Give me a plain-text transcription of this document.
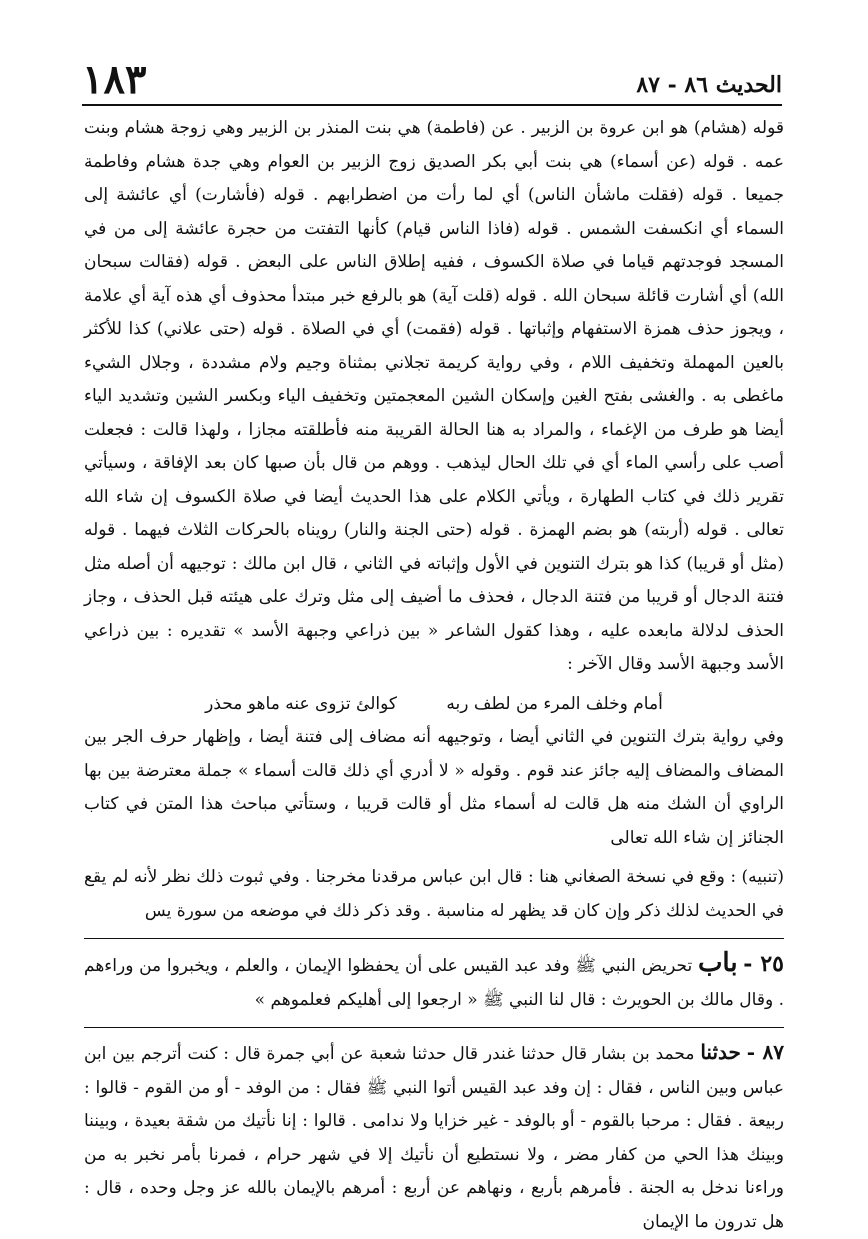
الحديث ٨٦ - ٨٧
١٨٣

قوله (هشام) هو ابن عروة بن الزبير . عن (فاطمة) هي بنت المنذر بن الزبير وهي زوجة هشام وبنت عمه . قوله (عن أسماء) هي بنت أبي بكر الصديق زوج الزبير بن العوام وهي جدة هشام وفاطمة جميعا . قوله (فقلت ماشأن الناس) أي لما رأت من اضطرابهم . قوله (فأشارت) أي عائشة إلى السماء أي انكسفت الشمس . قوله (فاذا الناس قيام) كأنها التفتت من حجرة عائشة إلى من في المسجد فوجدتهم قياما في صلاة الكسوف ، ففيه إطلاق الناس على البعض . قوله (فقالت سبحان الله) أي أشارت قائلة سبحان الله . قوله (قلت آية) هو بالرفع خبر مبتدأ محذوف أي هذه آية أي علامة ، ويجوز حذف همزة الاستفهام وإثباتها . قوله (فقمت) أي في الصلاة . قوله (حتى علاني) كذا للأكثر بالعين المهملة وتخفيف اللام ، وفي رواية كريمة تجلاني بمثناة وجيم ولام مشددة ، وجلال الشيء ماغطى به . والغشى بفتح الغين وإسكان الشين المعجمتين وتخفيف الياء وبكسر الشين وتشديد الياء أيضا هو طرف من الإغماء ، والمراد به هنا الحالة القريبة منه فأطلقته مجازا ، ولهذا قالت : فجعلت أصب على رأسي الماء أي في تلك الحال ليذهب . ووهم من قال بأن صبها كان بعد الإفاقة ، وسيأتي تقرير ذلك في كتاب الطهارة ، ويأتي الكلام على هذا الحديث أيضا في صلاة الكسوف إن شاء الله تعالى . قوله (أربته) هو بضم الهمزة . قوله (حتى الجنة والنار) رويناه بالحركات الثلاث فيهما . قوله (مثل أو قريبا) كذا هو بترك التنوين في الأول وإثباته في الثاني ، قال ابن مالك : توجيهه أن أصله مثل فتنة الدجال أو قريبا من فتنة الدجال ، فحذف ما أضيف إلى مثل وترك على هيئته قبل الحذف ، وجاز الحذف لدلالة مابعده عليه ، وهذا كقول الشاعر « بين ذراعي وجبهة الأسد » تقديره : بين ذراعي الأسد وجبهة الأسد وقال الآخر :

أمام وخلف المرء من لطف ربه كوالئ تزوى عنه ماهو محذر

وفي رواية بترك التنوين في الثاني أيضا ، وتوجيهه أنه مضاف إلى فتنة أيضا ، وإظهار حرف الجر بين المضاف والمضاف إليه جائز عند قوم . وقوله « لا أدري أي ذلك قالت أسماء » جملة معترضة بين بها الراوي أن الشك منه هل قالت له أسماء مثل أو قالت قريبا ، وستأتي مباحث هذا المتن في كتاب الجنائز إن شاء الله تعالى

(تنبيه) : وقع في نسخة الصغاني هنا : قال ابن عباس مرقدنا مخرجنا . وفي ثبوت ذلك نظر لأنه لم يقع في الحديث لذلك ذكر وإن كان قد يظهر له مناسبة . وقد ذكر ذلك في موضعه من سورة يس

٢٥ - باب تحريض النبي ﷺ وفد عبد القيس على أن يحفظوا الإيمان ، والعلم ، ويخبروا من وراءهم . وقال مالك بن الحويرث : قال لنا النبي ﷺ « ارجعوا إلى أهليكم فعلموهم »

٨٧ - حدثنا محمد بن بشار قال حدثنا غندر قال حدثنا شعبة عن أبي جمرة قال : كنت أترجم بين ابن عباس وبين الناس ، فقال : إن وفد عبد القيس أتوا النبي ﷺ فقال : من الوفد - أو من القوم - قالوا : ربيعة . فقال : مرحبا بالقوم - أو بالوفد - غير خزايا ولا ندامى . قالوا : إنا نأتيك من شقة بعيدة ، وبيننا وبينك هذا الحي من كفار مضر ، ولا نستطيع أن نأتيك إلا في شهر حرام ، فمرنا بأمر نخبر به من وراءنا ندخل به الجنة . فأمرهم بأربع ، ونهاهم عن أربع : أمرهم بالإيمان بالله عز وجل وحده ، قال : هل تدرون ما الإيمان
